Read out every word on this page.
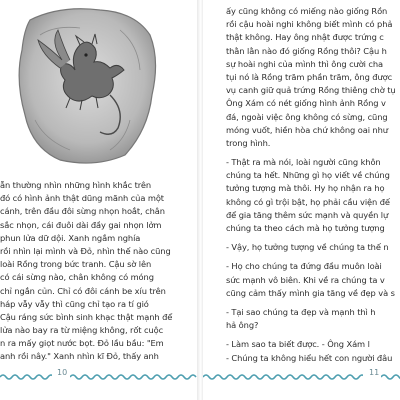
ẫn thường nhìn những hình khắc trên
đó có hình ảnh thật dũng mãnh của một
cánh, trên đầu đôi sừng nhọn hoắt, chân
sắc nhọn, cái đuôi dài đầy gai nhọn lởm
phun lửa dữ dội. Xanh ngắm nghía
rồi nhìn lại mình và Đỏ, nhìn thế nào cũng
loài Rồng trong bức tranh. Cậu sờ lên
có cái sừng nào, chân không có móng
chỉ ngắn củn. Chỉ có đôi cánh be xíu trên
háp vẫy vẫy thì cũng chỉ tạo ra tí gió
Cậu ráng sức bình sinh khạc thật mạnh để
lửa nào bay ra từ miệng không, rốt cuộc
n ra mấy giọt nước bọt. Đỏ lầu bầu: "Em
anh rồi nây." Xanh nhìn kĩ Đỏ, thấy anh
10
ấy cũng không có miếng nào giống Rồn
rồi cậu hoài nghi không biết mình có phả
thật không. Hay ông nhật được trứng c
thằn lằn nào đó giống Rồng thôi? Cậu h
sự hoài nghi của mình thì ông cười cha
tụi nó là Rồng trăm phần trăm, ông được
vụ canh giữ quả trứng Rồng thiêng chờ tụ
Ông Xám có nét giống hình ảnh Rồng v
đá, ngoài việc ông không có sừng, cũng
móng vuốt, hiền hòa chứ không oai như
trong hình.
- Thật ra mà nói, loài người cũng khôn
chúng ta hết. Những gì họ viết về chúng
tưởng tượng mà thôi. Hy họ nhận ra họ
không có gì trội bật, họ phải cầu viện đế
để gia tăng thêm sức mạnh và quyền lự
chúng ta theo cách mà họ tưởng tượng
- Vậy, họ tưởng tượng về chúng ta thế n
- Họ cho chúng ta đứng đầu muôn loài
sức mạnh vô biên. Khi về ra chúng ta v
cũng cảm thấy mình gia tăng về đẹp và s
- Tại sao chúng ta đẹp và mạnh thì h
hả ông?
- Làm sao ta biết được. - Ông Xám l
- Chúng ta không hiểu hết con người đâu
11
